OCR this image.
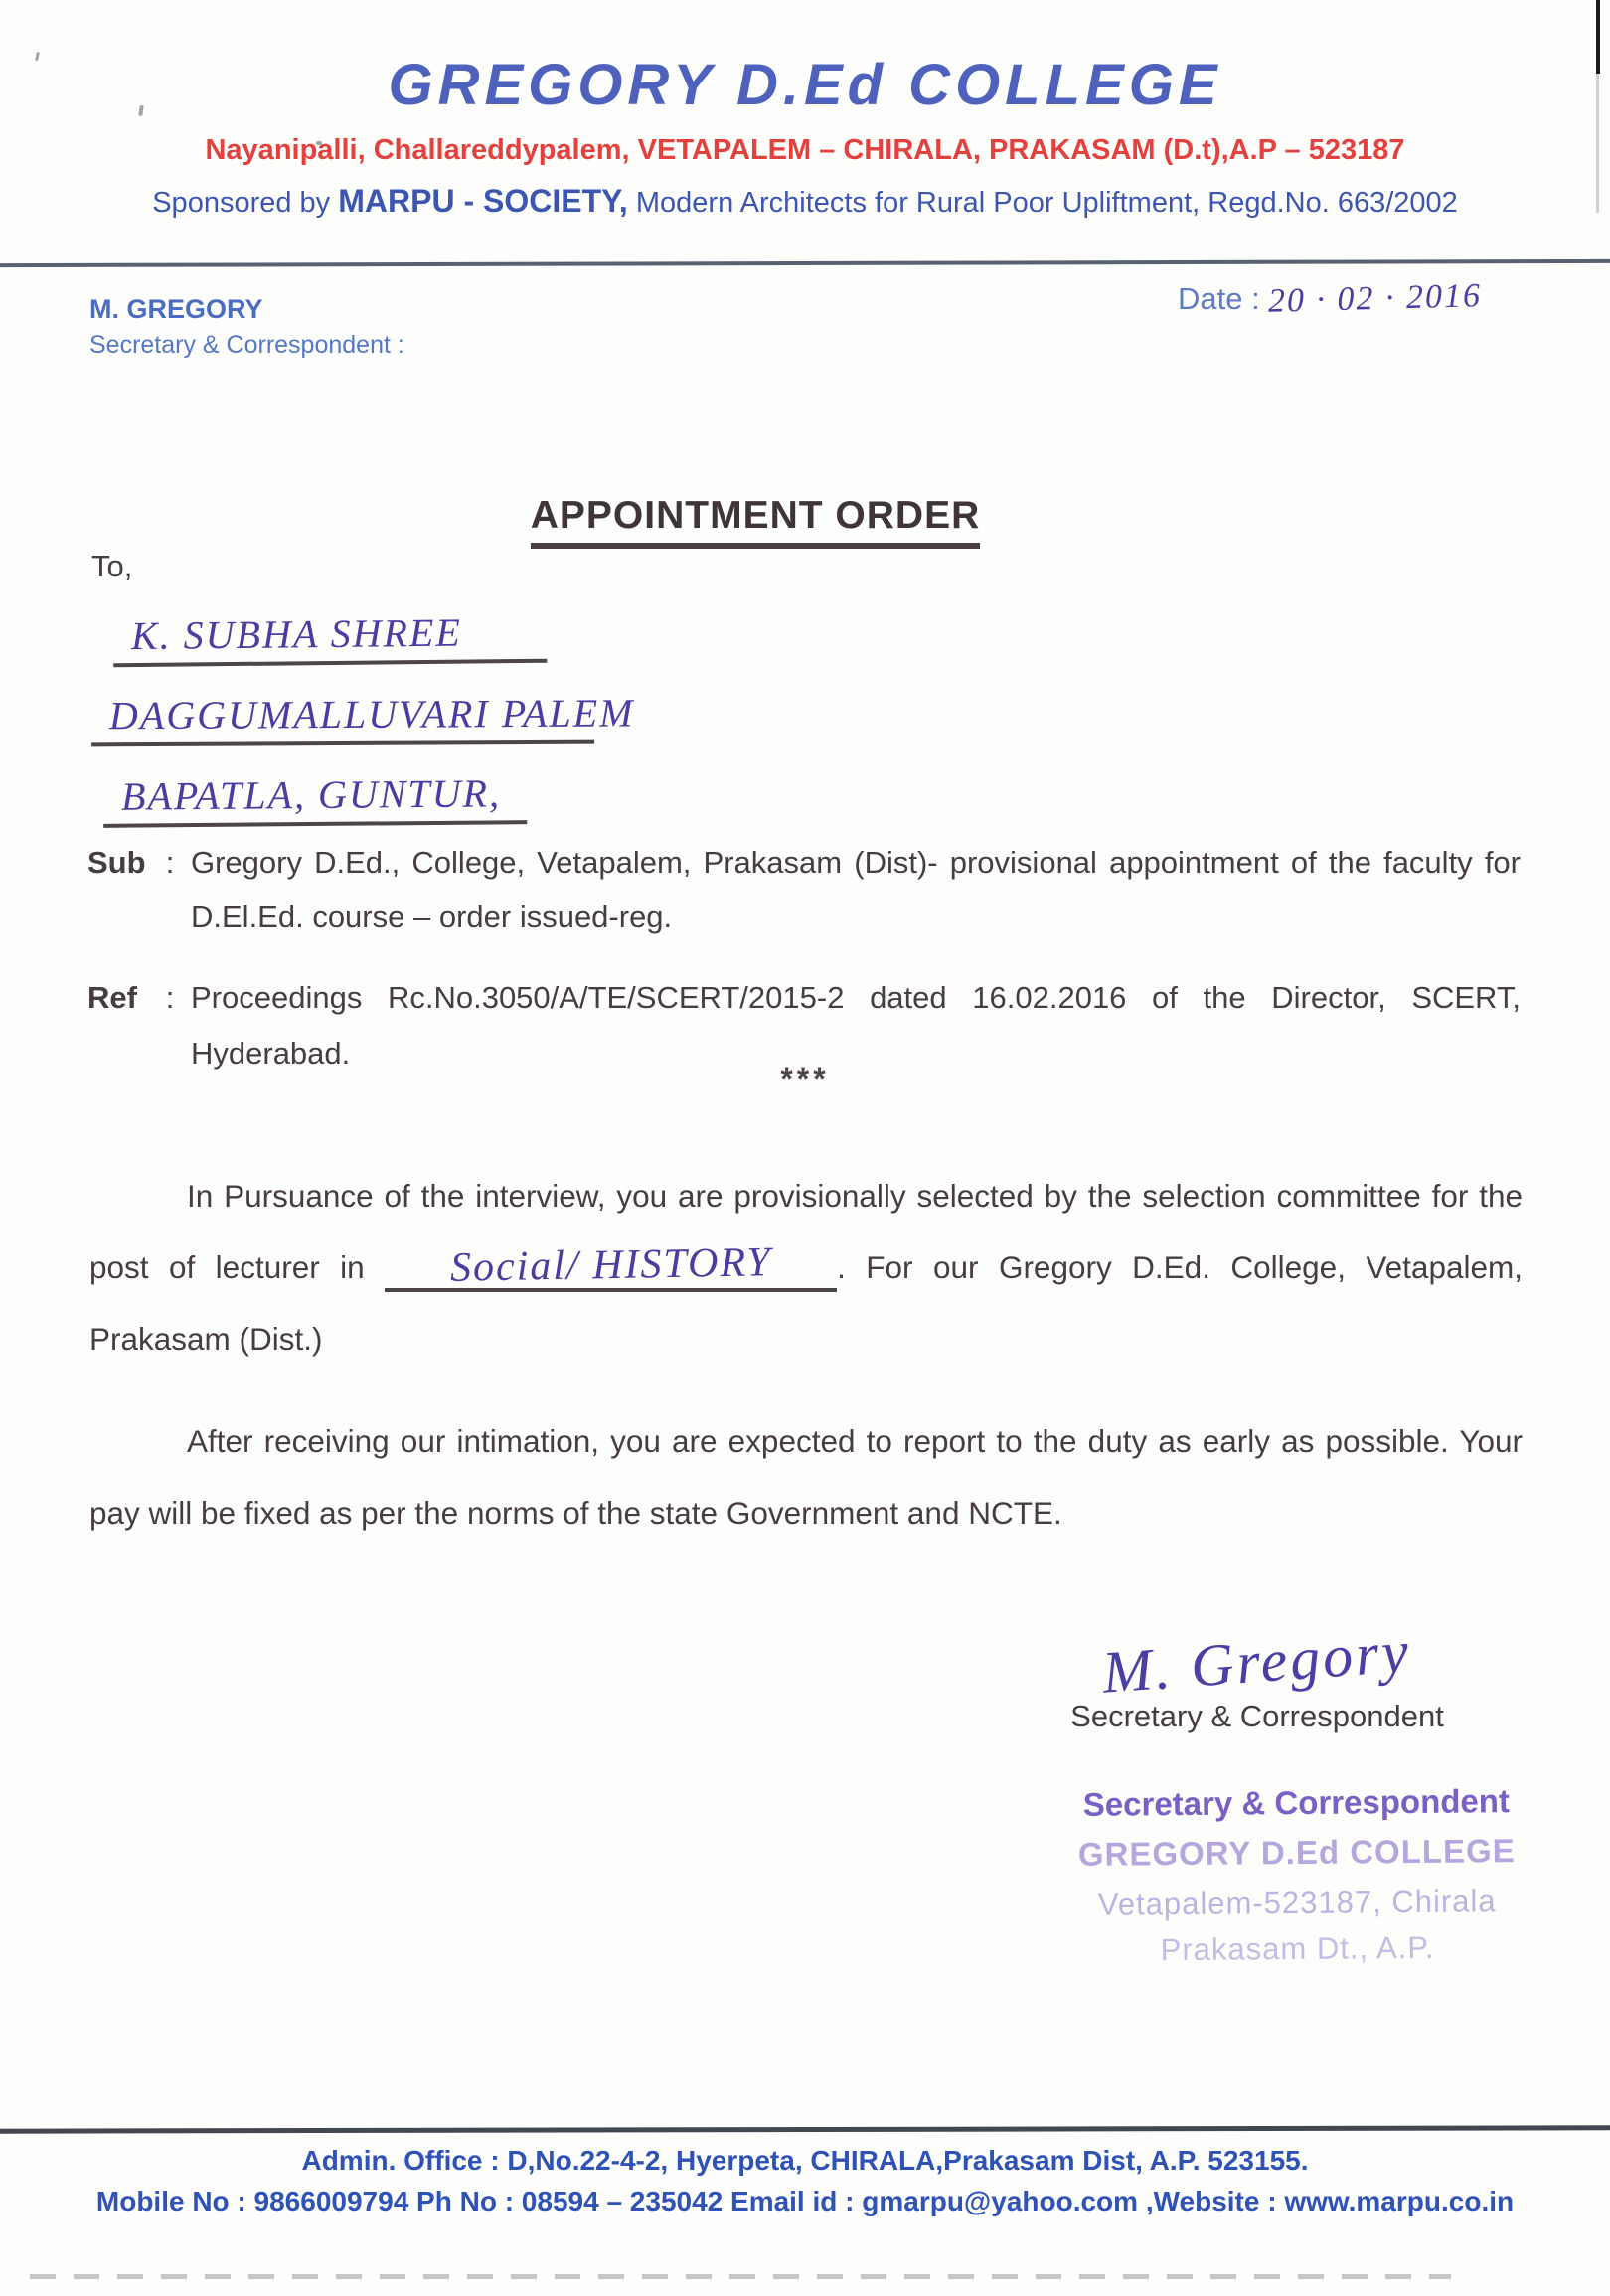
GREGORY D.Ed COLLEGE
Nayanipalli, Challareddypalem, VETAPALEM – CHIRALA, PRAKASAM (D.t),A.P – 523187
Sponsored by MARPU - SOCIETY, Modern Architects for Rural Poor Upliftment, Regd.No. 663/2002
M. GREGORY
Secretary & Correspondent :
Date : 20 · 02 · 2016
APPOINTMENT ORDER
To,
K. SUBHA SHREE
DAGGUMALLUVARI PALEM
BAPATLA, GUNTUR,
Sub : Gregory D.Ed., College, Vetapalem, Prakasam (Dist)- provisional appointment of the faculty for D.El.Ed. course – order issued-reg.
Ref : Proceedings Rc.No.3050/A/TE/SCERT/2015-2 dated 16.02.2016 of the Director, SCERT, Hyderabad.
***

In Pursuance of the interview, you are provisionally selected by the selection committee for the post of lecturer in Social/ HISTORY . For our Gregory D.Ed. College, Vetapalem, Prakasam (Dist.)

After receiving our intimation, you are expected to report to the duty as early as possible. Your pay will be fixed as per the norms of the state Government and NCTE.

M. Gregory
Secretary & Correspondent
Secretary & Correspondent
GREGORY D.Ed COLLEGE
Vetapalem-523187, Chirala
Prakasam Dt., A.P.
Admin. Office : D,No.22-4-2, Hyerpeta, CHIRALA,Prakasam Dist, A.P. 523155.
Mobile No : 9866009794 Ph No : 08594 – 235042 Email id : gmarpu@yahoo.com ,Website : www.marpu.co.in
